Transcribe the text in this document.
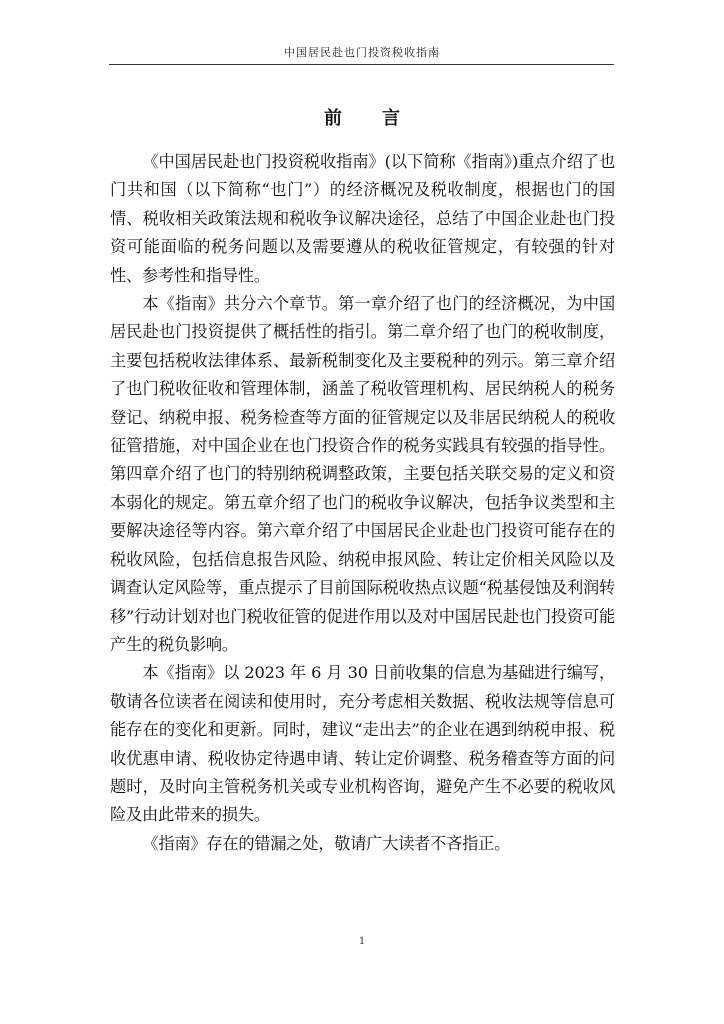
中国居民赴也门投资税收指南
前言

《中国居民赴也门投资税收指南》(以下简称《指南》)重点介绍了也门共和国（以下简称“也门”）的经济概况及税收制度，根据也门的国情、税收相关政策法规和税收争议解决途径，总结了中国企业赴也门投资可能面临的税务问题以及需要遵从的税收征管规定，有较强的针对性、参考性和指导性。

本《指南》共分六个章节。第一章介绍了也门的经济概况，为中国居民赴也门投资提供了概括性的指引。第二章介绍了也门的税收制度，主要包括税收法律体系、最新税制变化及主要税种的列示。第三章介绍了也门税收征收和管理体制，涵盖了税收管理机构、居民纳税人的税务登记、纳税申报、税务检查等方面的征管规定以及非居民纳税人的税收征管措施，对中国企业在也门投资合作的税务实践具有较强的指导性。第四章介绍了也门的特别纳税调整政策，主要包括关联交易的定义和资本弱化的规定。第五章介绍了也门的税收争议解决，包括争议类型和主要解决途径等内容。第六章介绍了中国居民企业赴也门投资可能存在的税收风险，包括信息报告风险、纳税申报风险、转让定价相关风险以及调查认定风险等，重点提示了目前国际税收热点议题“税基侵蚀及利润转移”行动计划对也门税收征管的促进作用以及对中国居民赴也门投资可能产生的税负影响。

本《指南》以 2023 年 6 月 30 日前收集的信息为基础进行编写，敬请各位读者在阅读和使用时，充分考虑相关数据、税收法规等信息可能存在的变化和更新。同时，建议“走出去”的企业在遇到纳税申报、税收优惠申请、税收协定待遇申请、转让定价调整、税务稽查等方面的问题时，及时向主管税务机关或专业机构咨询，避免产生不必要的税收风险及由此带来的损失。

《指南》存在的错漏之处，敬请广大读者不吝指正。

1
